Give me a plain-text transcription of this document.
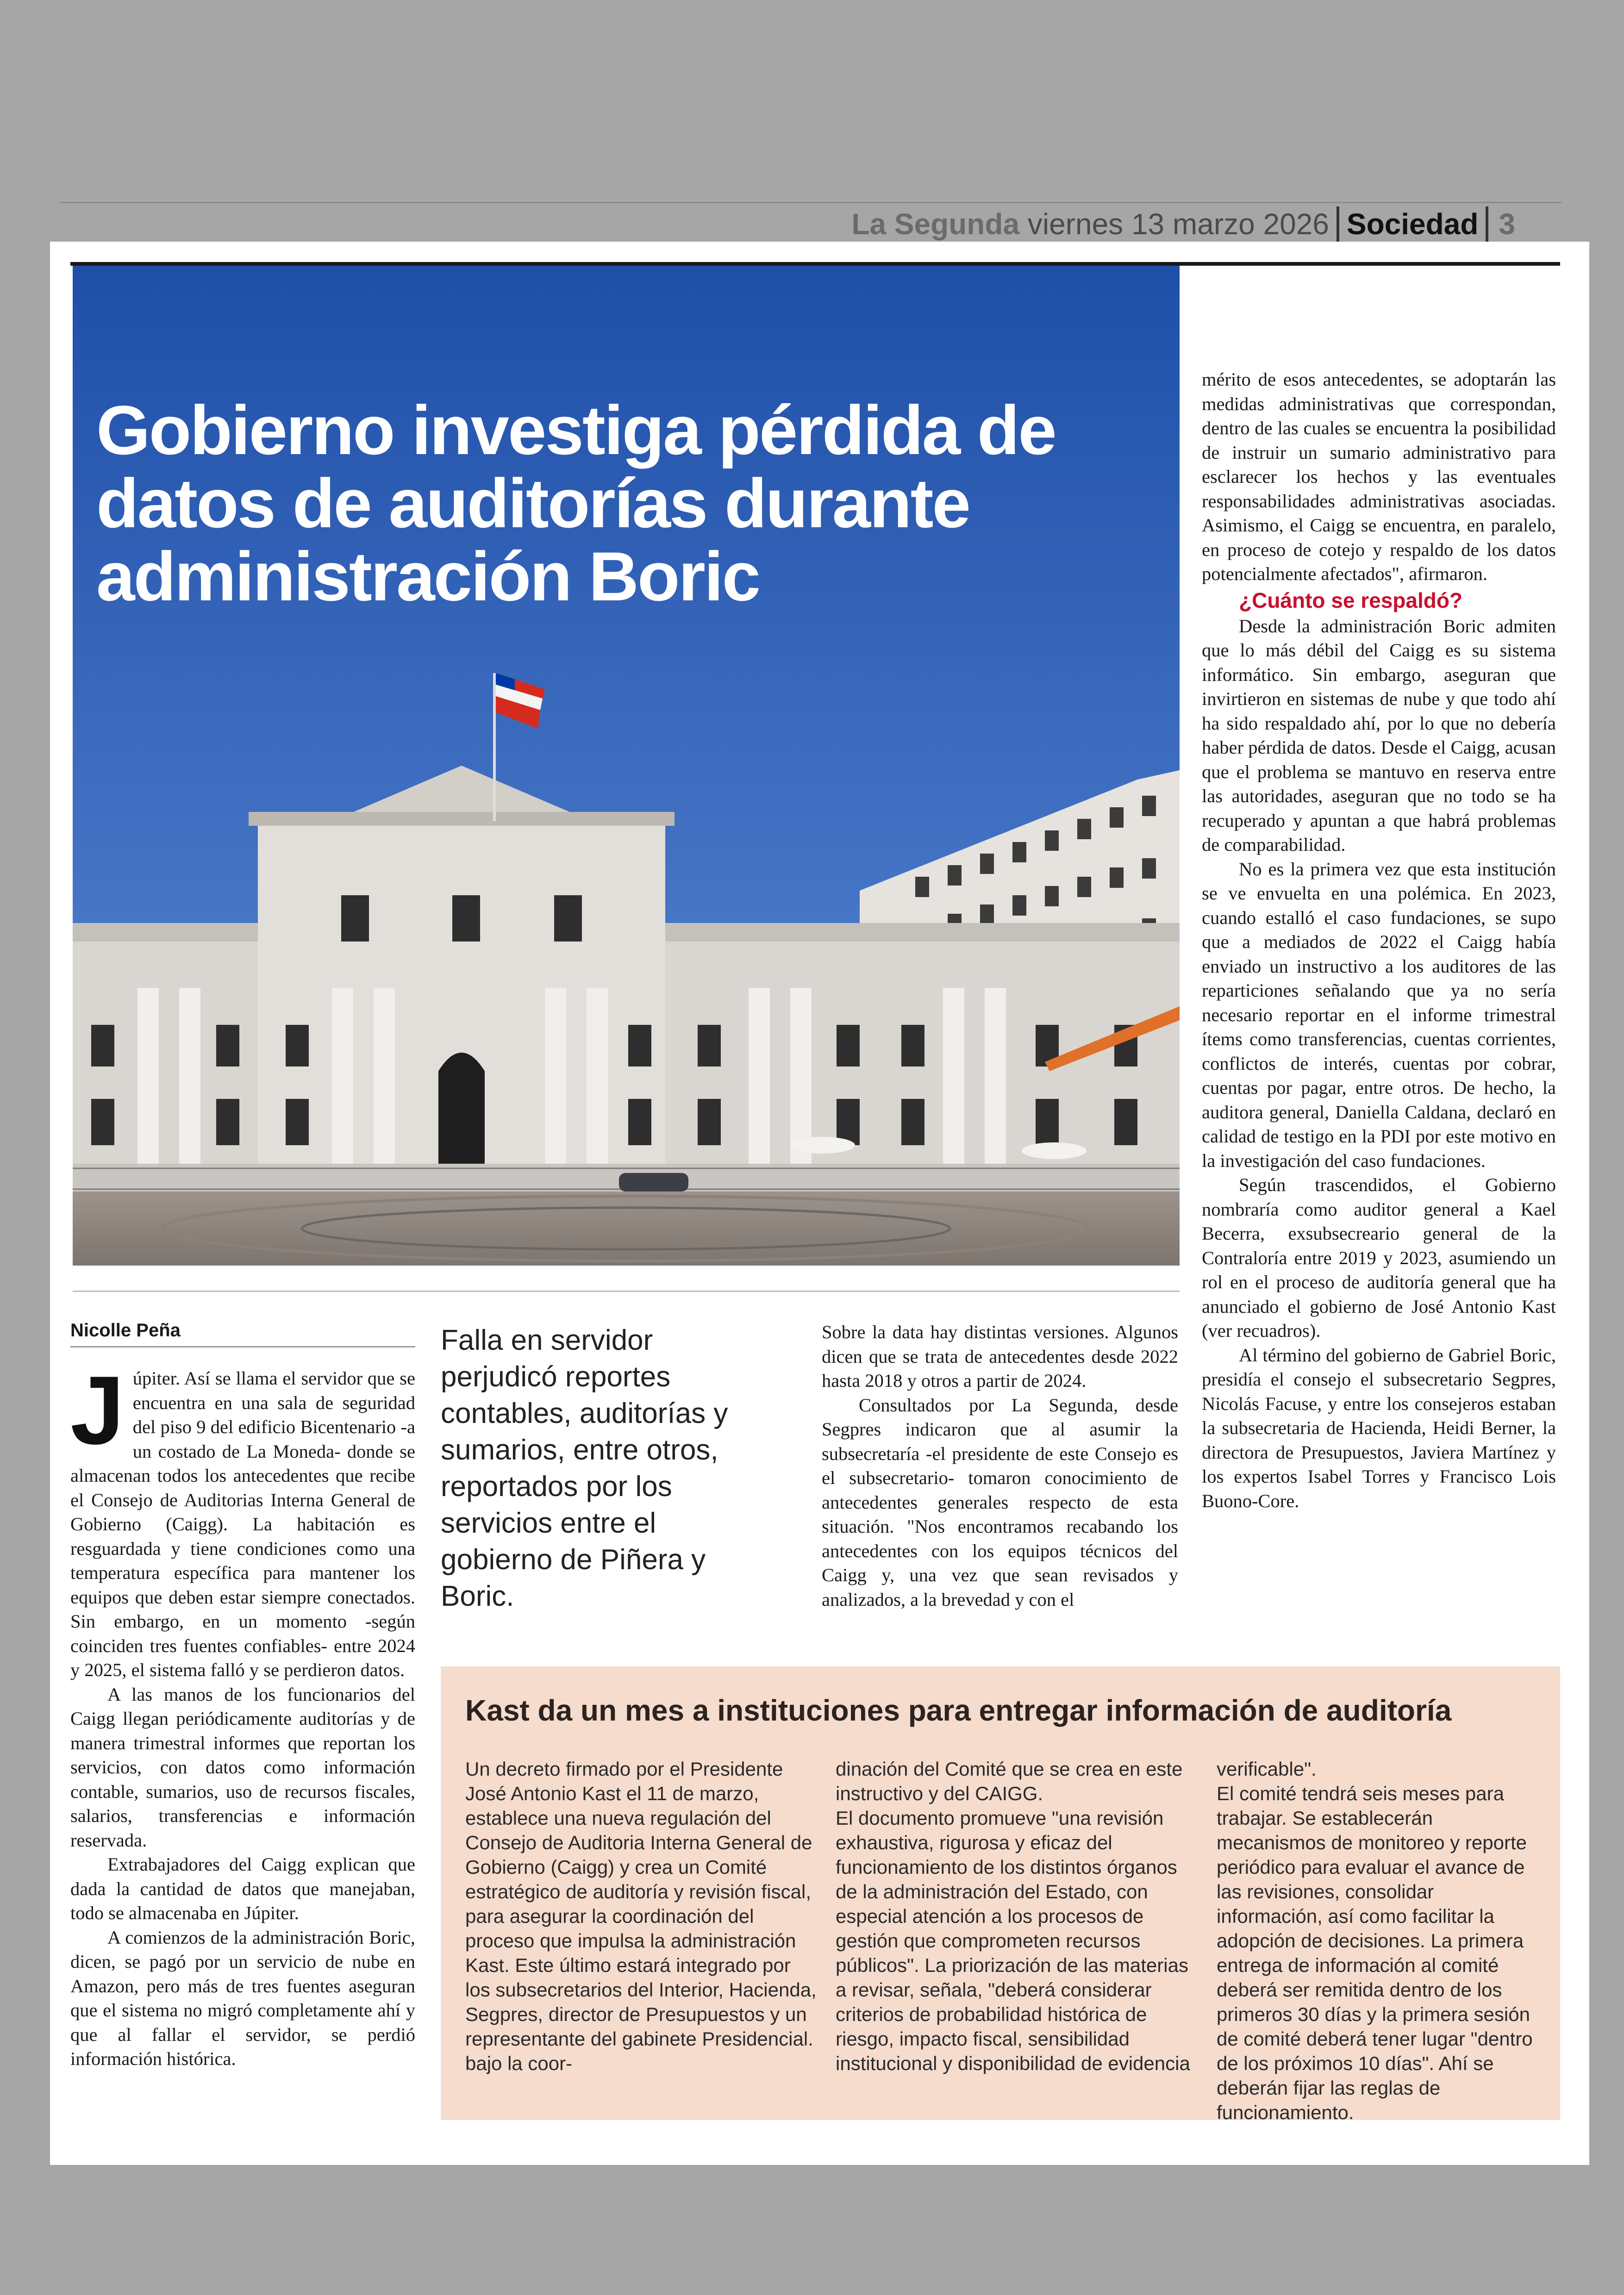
La Segunda viernes 13 marzo 2026 Sociedad 3
Gobierno investiga pérdida de datos de auditorías durante administración Boric
Nicolle Peña
J úpiter. Así se llama el servidor que se encuentra en una sala de seguridad del piso 9 del edificio Bicentenario -a un costado de La Moneda- donde se almacenan todos los antecedentes que recibe el Consejo de Auditorias Interna General de Gobierno (Caigg). La habitación es resguardada y tiene condiciones como una temperatura específica para mantener los equipos que deben estar siempre conectados. Sin embargo, en un momento -según coinciden tres fuentes confiables- entre 2024 y 2025, el sistema falló y se perdieron datos.

A las manos de los funcionarios del Caigg llegan periódicamente auditorías y de manera trimestral informes que reportan los servicios, con datos como información contable, sumarios, uso de recursos fiscales, salarios, transferencias e información reservada.

Extrabajadores del Caigg explican que dada la cantidad de datos que manejaban, todo se almacenaba en Júpiter.

A comienzos de la administración Boric, dicen, se pagó por un servicio de nube en Amazon, pero más de tres fuentes aseguran que el sistema no migró completamente ahí y que al fallar el servidor, se perdió información histórica.

Falla en servidor perjudicó reportes contables, auditorías y sumarios, entre otros, reportados por los servicios entre el gobierno de Piñera y Boric.

Sobre la data hay distintas versiones. Algunos dicen que se trata de antecedentes desde 2022 hasta 2018 y otros a partir de 2024.

Consultados por La Segunda, desde Segpres indicaron que al asumir la subsecretaría -el presidente de este Consejo es el subsecretario- tomaron conocimiento de antecedentes generales respecto de esta situación. "Nos encontramos recabando los antecedentes con los equipos técnicos del Caigg y, una vez que sean revisados y analizados, a la brevedad y con el

mérito de esos antecedentes, se adoptarán las medidas administrativas que correspondan, dentro de las cuales se encuentra la posibilidad de instruir un sumario administrativo para esclarecer los hechos y las eventuales responsabilidades administrativas asociadas. Asimismo, el Caigg se encuentra, en paralelo, en proceso de cotejo y respaldo de los datos potencialmente afectados", afirmaron.

¿Cuánto se respaldó?

Desde la administración Boric admiten que lo más débil del Caigg es su sistema informático. Sin embargo, aseguran que invirtieron en sistemas de nube y que todo ahí ha sido respaldado ahí, por lo que no debería haber pérdida de datos. Desde el Caigg, acusan que el problema se mantuvo en reserva entre las autoridades, aseguran que no todo se ha recuperado y apuntan a que habrá problemas de comparabilidad.

No es la primera vez que esta institución se ve envuelta en una polémica. En 2023, cuando estalló el caso fundaciones, se supo que a mediados de 2022 el Caigg había enviado un instructivo a los auditores de las reparticiones señalando que ya no sería necesario reportar en el informe trimestral ítems como transferencias, cuentas corrientes, conflictos de interés, cuentas por cobrar, cuentas por pagar, entre otros. De hecho, la auditora general, Daniella Caldana, declaró en calidad de testigo en la PDI por este motivo en la investigación del caso fundaciones.

Según trascendidos, el Gobierno nombraría como auditor general a Kael Becerra, exsubsecreario general de la Contraloría entre 2019 y 2023, asumiendo un rol en el proceso de auditoría general que ha anunciado el gobierno de José Antonio Kast (ver recuadros).

Al término del gobierno de Gabriel Boric, presidía el consejo el subsecretario Segpres, Nicolás Facuse, y entre los consejeros estaban la subsecretaria de Hacienda, Heidi Berner, la directora de Presupuestos, Javiera Martínez y los expertos Isabel Torres y Francisco Lois Buono-Core.

Kast da un mes a instituciones para entregar información de auditoría

Un decreto firmado por el Presidente José Antonio Kast el 11 de marzo, establece una nueva regulación del Consejo de Auditoria Interna General de Gobierno (Caigg) y crea un Comité estratégico de auditoría y revisión fiscal, para asegurar la coordinación del proceso que impulsa la administración Kast. Este último estará integrado por los subsecretarios del Interior, Hacienda, Segpres, director de Presupuestos y un representante del gabinete Presidencial. bajo la coor-

dinación del Comité que se crea en este instructivo y del CAIGG.

El documento promueve "una revisión exhaustiva, rigurosa y eficaz del funcionamiento de los distintos órganos de la administración del Estado, con especial atención a los procesos de gestión que comprometen recursos públicos". La priorización de las materias a revisar, señala, "deberá considerar criterios de probabilidad histórica de riesgo, impacto fiscal, sensibilidad institucional y disponibilidad de evidencia

verificable".

El comité tendrá seis meses para trabajar. Se establecerán mecanismos de monitoreo y reporte periódico para evaluar el avance de las revisiones, consolidar información, así como facilitar la adopción de decisiones. La primera entrega de información al comité deberá ser remitida dentro de los primeros 30 días y la primera sesión de comité deberá tener lugar "dentro de los próximos 10 días". Ahí se deberán fijar las reglas de funcionamiento.
